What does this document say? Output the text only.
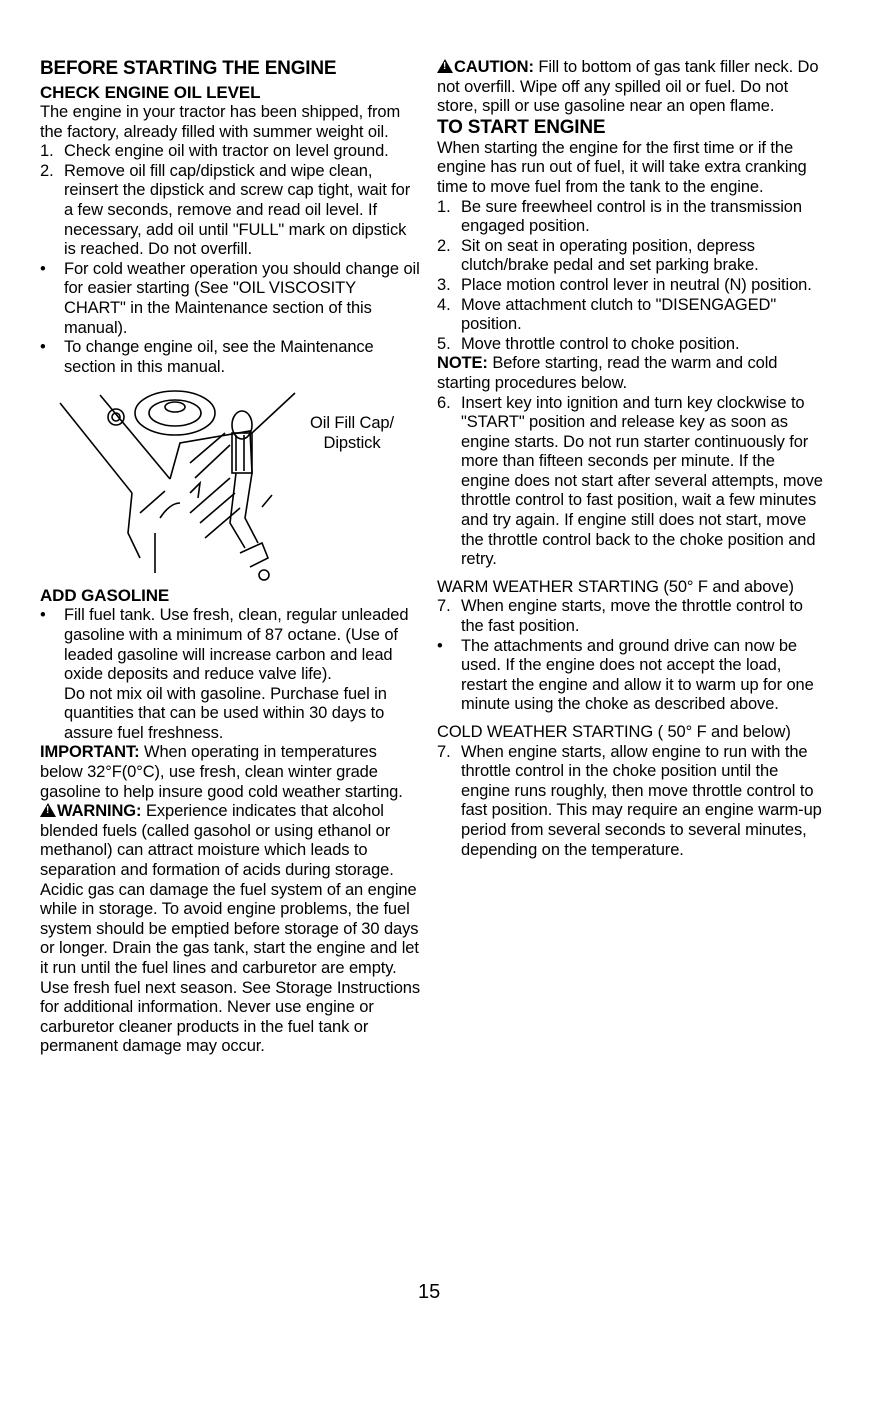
BEFORE STARTING THE ENGINE

CHECK ENGINE OIL LEVEL

The engine in your tractor has been shipped, from the factory, already filled with summer weight oil.

1. Check engine oil with tractor on level ground.
2. Remove oil fill cap/dipstick and wipe clean, reinsert the dipstick and screw cap tight, wait for a few seconds, remove and read oil level. If necessary, add oil until "FULL" mark on dipstick is reached. Do not overfill.
•	For cold weather operation you should change oil for easier starting (See "OIL VISCOSITY CHART" in the Maintenance section of this manual).
•	To change engine oil, see the Maintenance section in this manual.
Oil Fill Cap/ Dipstick

ADD GASOLINE

•	Fill fuel tank. Use fresh, clean, regular unleaded gasoline with a minimum of 87 octane. (Use of leaded gasoline will increase carbon and lead oxide deposits and reduce valve life).

Do not mix oil with gasoline. Purchase fuel in quantities that can be used within 30 days to assure fuel freshness.

IMPORTANT: When operating in temperatures below 32°F(0°C), use fresh, clean winter grade gasoline to help insure good cold weather starting.

!WARNING: Experience indicates that alcohol blended fuels (called gasohol or using ethanol or methanol) can attract moisture which leads to separation and formation of acids during storage. Acidic gas can damage the fuel system of an engine while in storage. To avoid engine problems, the fuel system should be emptied before storage of 30 days or longer. Drain the gas tank, start the engine and let it run until the fuel lines and carburetor are empty. Use fresh fuel next season. See Storage Instructions for additional information. Never use engine or carburetor cleaner products in the fuel tank or permanent damage may occur.

!CAUTION: Fill to bottom of gas tank filler neck. Do not overfill. Wipe off any spilled oil or fuel. Do not store, spill or use gasoline near an open flame.

TO START ENGINE

When starting the engine for the first time or if the engine has run out of fuel, it will take extra cranking time to move fuel from the tank to the engine.

1. Be sure freewheel control is in the transmission engaged position.
2. Sit on seat in operating position, depress clutch/brake pedal and set parking brake.
3. Place motion control lever in neutral (N) position.
4. Move attachment clutch to "DISENGAGED" position.
5. Move throttle control to choke position.

NOTE: Before starting, read the warm and cold starting procedures below.

6. Insert key into ignition and turn key clockwise to "START" position and release key as soon as engine starts. Do not run starter continuously for more than fifteen seconds per minute. If the engine does not start after several attempts, move throttle control to fast position, wait a few minutes and try again. If engine still does not start, move the throttle control back to the choke position and retry.

WARM WEATHER STARTING (50° F and above)

7. When engine starts, move the throttle control to the fast position.
•	The attachments and ground drive can now be used. If the engine does not accept the load, restart the engine and allow it to warm up for one minute using the choke as described above.

COLD WEATHER STARTING ( 50° F and below)

7. When engine starts, allow engine to run with the throttle control in the choke position until the engine runs roughly, then move throttle control to fast position. This may require an engine warm-up period from several seconds to several minutes, depending on the temperature.
15
